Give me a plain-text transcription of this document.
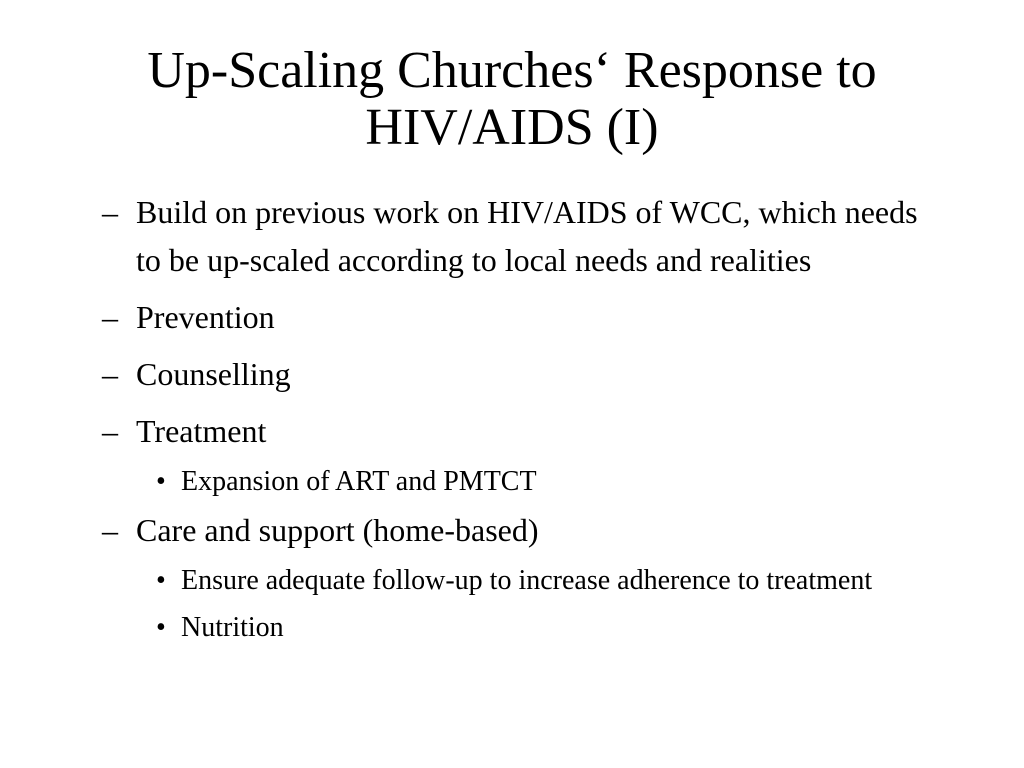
Up-Scaling Churches‘ Response to HIV/AIDS (I)
– Build on previous work on HIV/AIDS of WCC, which needs to be up-scaled according to local needs and realities
– Prevention
– Counselling
– Treatment
• Expansion of ART and PMTCT
– Care and support (home-based)
• Ensure adequate follow-up to increase adherence to treatment
• Nutrition
